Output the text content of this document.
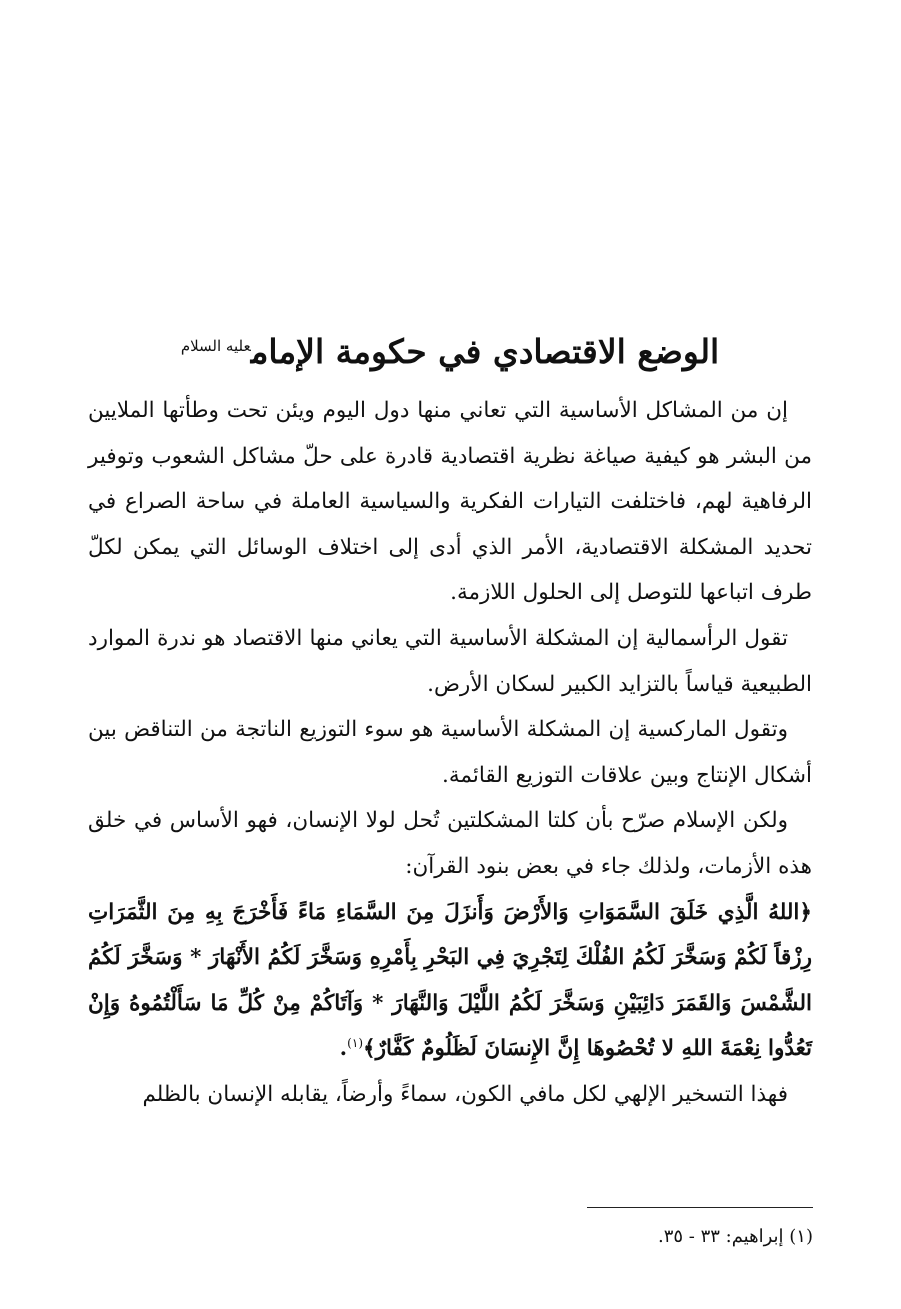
الوضع الاقتصادي في حكومة الإمام$^{عليه السلام}$

إن من المشاكل الأساسية التي تعاني منها دول اليوم ويئن تحت وطأتها الملايين من البشر هو كيفية صياغة نظرية اقتصادية قادرة على حلّ مشاكل الشعوب وتوفير الرفاهية لهم، فاختلفت التيارات الفكرية والسياسية العاملة في ساحة الصراع في تحديد المشكلة الاقتصادية، الأمر الذي أدى إلى اختلاف الوسائل التي يمكن لكلّ طرف اتباعها للتوصل إلى الحلول اللازمة.

تقول الرأسمالية إن المشكلة الأساسية التي يعاني منها الاقتصاد هو ندرة الموارد الطبيعية قياساً بالتزايد الكبير لسكان الأرض.

وتقول الماركسية إن المشكلة الأساسية هو سوء التوزيع الناتجة من التناقض بين أشكال الإنتاج وبين علاقات التوزيع القائمة.

ولكن الإسلام صرّح بأن كلتا المشكلتين تُحل لولا الإنسان، فهو الأساس في خلق هذه الأزمات، ولذلك جاء في بعض بنود القرآن:

﴿اللهُ الَّذِي خَلَقَ السَّمَوَاتِ وَالأَرْضَ وَأَنزَلَ مِنَ السَّمَاءِ مَاءً فَأَخْرَجَ بِهِ مِنَ الثَّمَرَاتِ رِزْقاً لَكُمْ وَسَخَّرَ لَكُمُ الفُلْكَ لِتَجْرِيَ فِي البَحْرِ بِأَمْرِهِ وَسَخَّرَ لَكُمُ الأَنْهَارَ * وَسَخَّرَ لَكُمُ الشَّمْسَ وَالقَمَرَ دَائِبَيْنِ وَسَخَّرَ لَكُمُ اللَّيْلَ وَالنَّهَارَ * وَآتَاكُمْ مِنْ كُلِّ مَا سَأَلْتُمُوهُ وَإِنْ تَعُدُّوا نِعْمَةَ اللهِ لا تُحْصُوهَا إِنَّ الإِنسَانَ لَظَلُومٌ كَفَّارٌ﴾$^{(١)}$.

فهذا التسخير الإلهي لكل مافي الكون، سماءً وأرضاً، يقابله الإنسان بالظلم

(١) إبراهيم: ٣٣ - ٣٥.
